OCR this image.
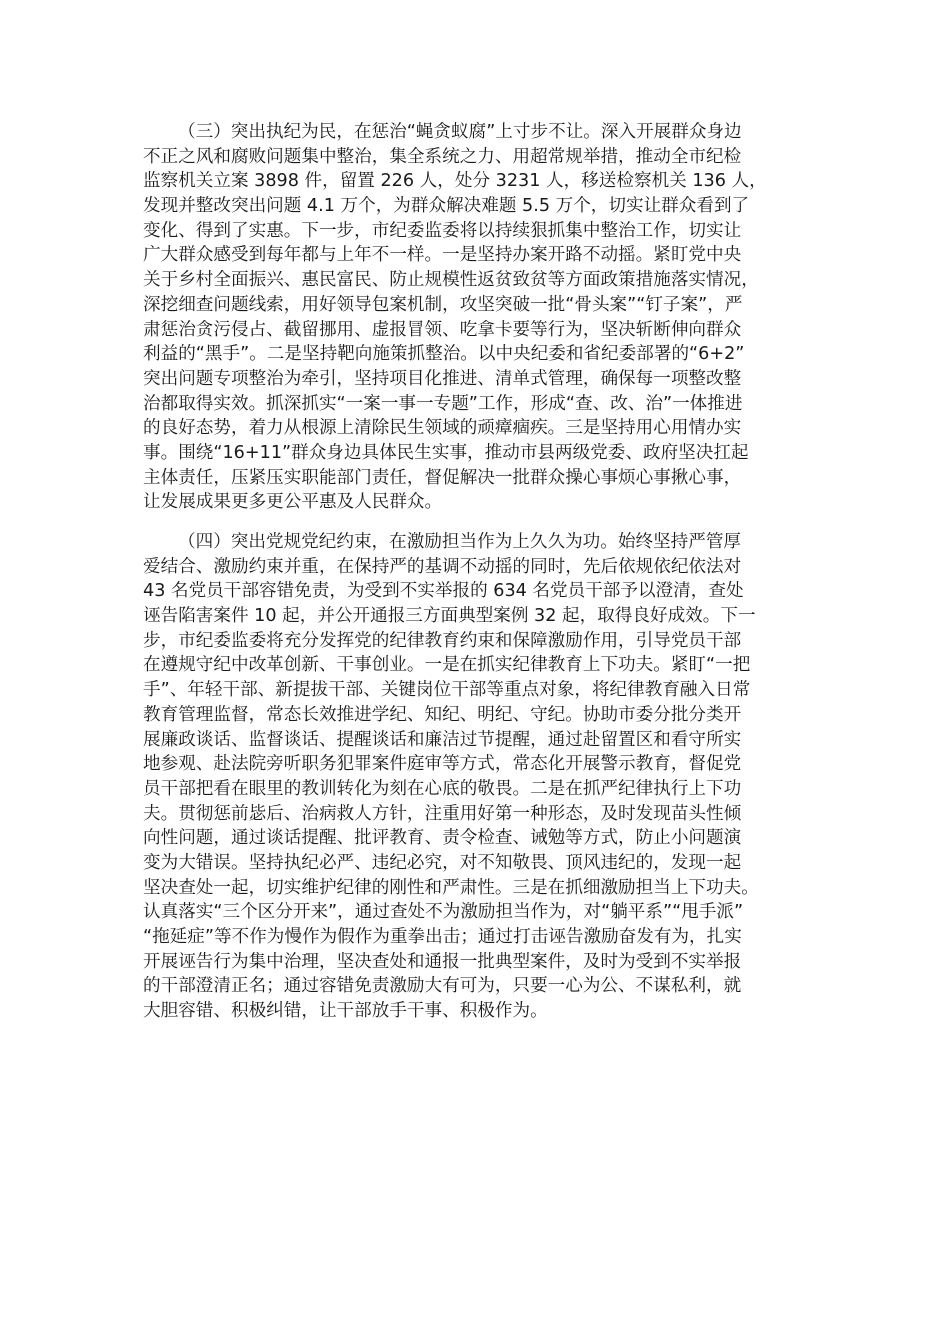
（三）突出执纪为民，在惩治“蝇贪蚁腐”上寸步不让。深入开展群众身边
不正之风和腐败问题集中整治，集全系统之力、用超常规举措，推动全市纪检
监察机关立案 3898 件，留置 226 人，处分 3231 人，移送检察机关 136 人，
发现并整改突出问题 4.1 万个，为群众解决难题 5.5 万个，切实让群众看到了
变化、得到了实惠。下一步，市纪委监委将以持续狠抓集中整治工作，切实让
广大群众感受到每年都与上年不一样。一是坚持办案开路不动摇。紧盯党中央
关于乡村全面振兴、惠民富民、防止规模性返贫致贫等方面政策措施落实情况，
深挖细查问题线索，用好领导包案机制，攻坚突破一批“骨头案”“钉子案”，严
肃惩治贪污侵占、截留挪用、虚报冒领、吃拿卡要等行为，坚决斩断伸向群众
利益的“黑手”。二是坚持靶向施策抓整治。以中央纪委和省纪委部署的“6+2”
突出问题专项整治为牵引，坚持项目化推进、清单式管理，确保每一项整改整
治都取得实效。抓深抓实“一案一事一专题”工作，形成“查、改、治”一体推进
的良好态势，着力从根源上清除民生领域的顽瘴痼疾。三是坚持用心用情办实
事。围绕“16+11”群众身边具体民生实事，推动市县两级党委、政府坚决扛起
主体责任，压紧压实职能部门责任，督促解决一批群众操心事烦心事揪心事，
让发展成果更多更公平惠及人民群众。
（四）突出党规党纪约束，在激励担当作为上久久为功。始终坚持严管厚
爱结合、激励约束并重，在保持严的基调不动摇的同时，先后依规依纪依法对
43 名党员干部容错免责，为受到不实举报的 634 名党员干部予以澄清，查处
诬告陷害案件 10 起，并公开通报三方面典型案例 32 起，取得良好成效。下一
步，市纪委监委将充分发挥党的纪律教育约束和保障激励作用，引导党员干部
在遵规守纪中改革创新、干事创业。一是在抓实纪律教育上下功夫。紧盯“一把
手”、年轻干部、新提拔干部、关键岗位干部等重点对象，将纪律教育融入日常
教育管理监督，常态长效推进学纪、知纪、明纪、守纪。协助市委分批分类开
展廉政谈话、监督谈话、提醒谈话和廉洁过节提醒，通过赴留置区和看守所实
地参观、赴法院旁听职务犯罪案件庭审等方式，常态化开展警示教育，督促党
员干部把看在眼里的教训转化为刻在心底的敬畏。二是在抓严纪律执行上下功
夫。贯彻惩前毖后、治病救人方针，注重用好第一种形态，及时发现苗头性倾
向性问题，通过谈话提醒、批评教育、责令检查、诫勉等方式，防止小问题演
变为大错误。坚持执纪必严、违纪必究，对不知敬畏、顶风违纪的，发现一起
坚决查处一起，切实维护纪律的刚性和严肃性。三是在抓细激励担当上下功夫。
认真落实“三个区分开来”，通过查处不为激励担当作为，对“躺平系”“甩手派”
“拖延症”等不作为慢作为假作为重拳出击；通过打击诬告激励奋发有为，扎实
开展诬告行为集中治理，坚决查处和通报一批典型案件，及时为受到不实举报
的干部澄清正名；通过容错免责激励大有可为，只要一心为公、不谋私利，就
大胆容错、积极纠错，让干部放手干事、积极作为。
